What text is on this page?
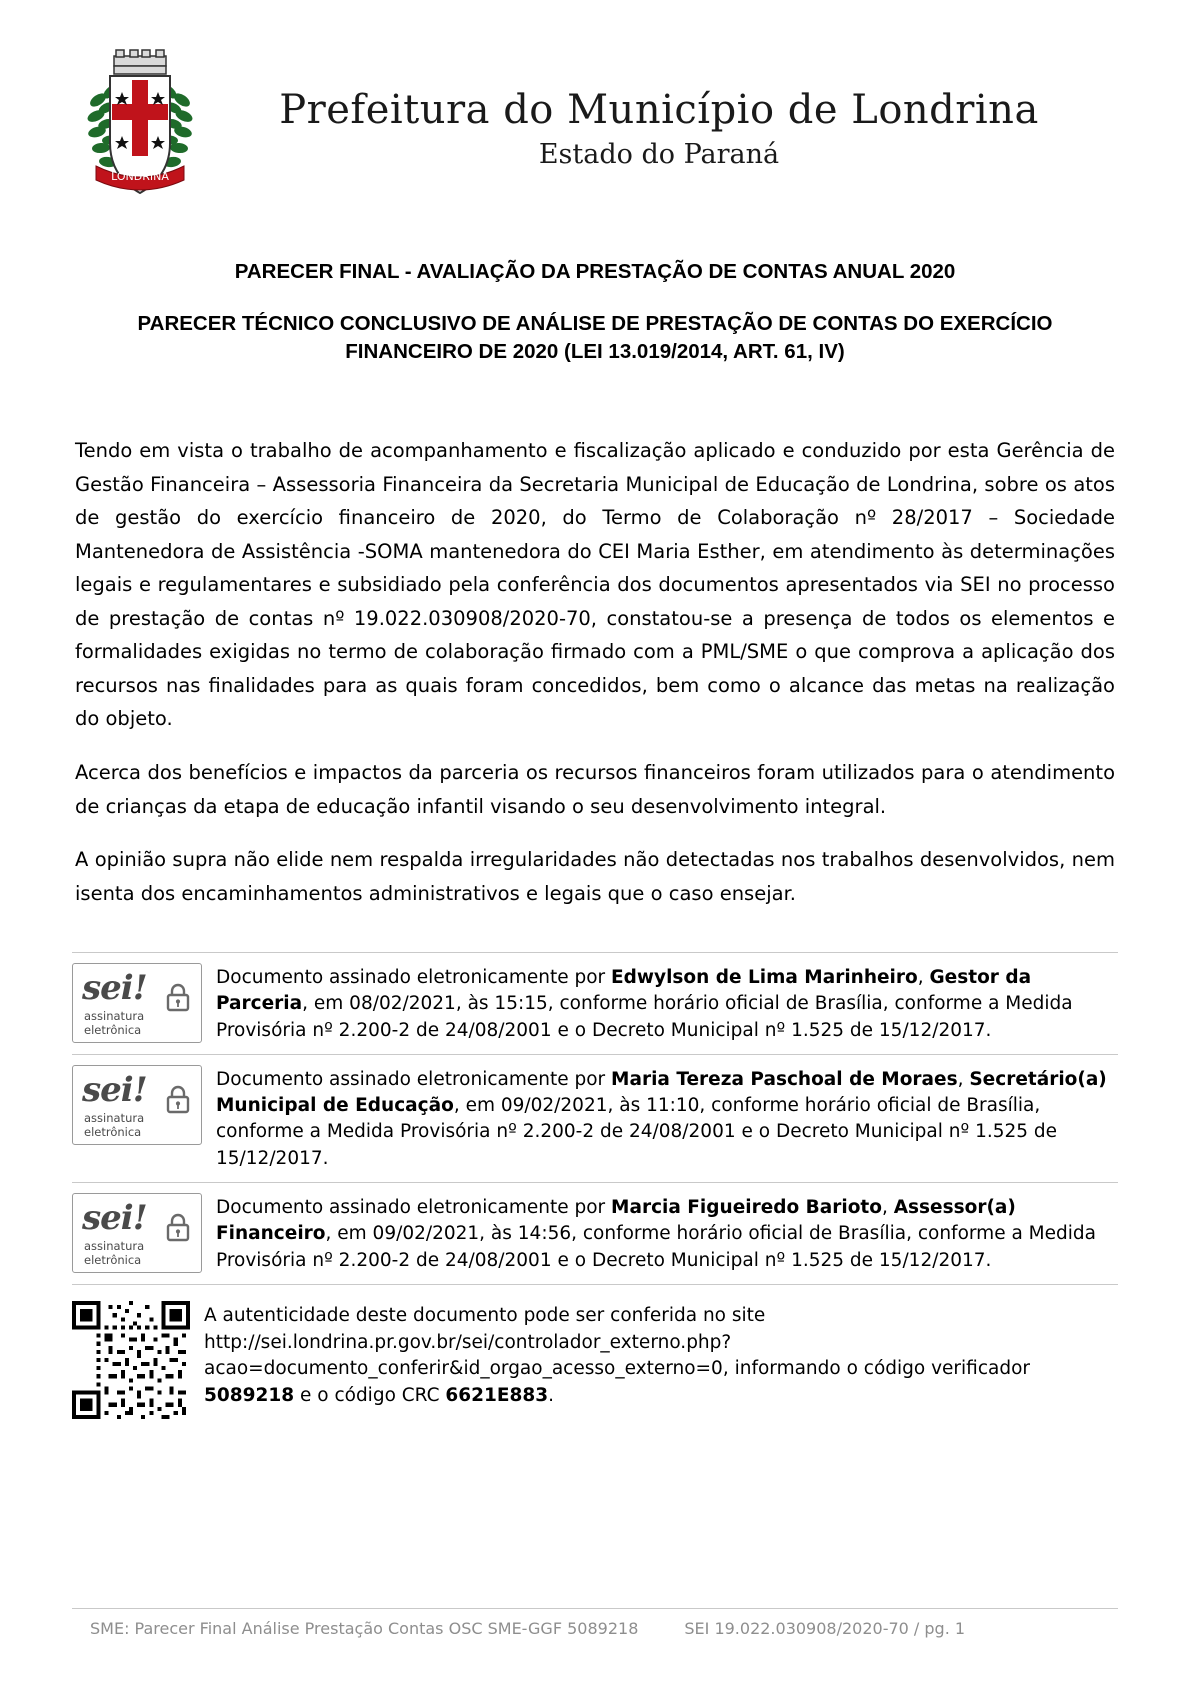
LONDRINA
Prefeitura do Município de Londrina
Estado do Paraná
PARECER FINAL - AVALIAÇÃO DA PRESTAÇÃO DE CONTAS ANUAL 2020
PARECER TÉCNICO CONCLUSIVO DE ANÁLISE DE PRESTAÇÃO DE CONTAS DO EXERCÍCIO FINANCEIRO DE 2020 (LEI 13.019/2014, ART. 61, IV)

Tendo em vista o trabalho de acompanhamento e fiscalização aplicado e conduzido por esta Gerência de Gestão Financeira – Assessoria Financeira da Secretaria Municipal de Educação de Londrina, sobre os atos de gestão do exercício financeiro de 2020, do Termo de Colaboração nº 28/2017 – Sociedade Mantenedora de Assistência -SOMA mantenedora do CEI Maria Esther, em atendimento às determinações legais e regulamentares e subsidiado pela conferência dos documentos apresentados via SEI no processo de prestação de contas nº 19.022.030908/2020-70, constatou-se a presença de todos os elementos e formalidades exigidas no termo de colaboração firmado com a PML/SME o que comprova a aplicação dos recursos nas finalidades para as quais foram concedidos, bem como o alcance das metas na realização do objeto.

Acerca dos benefícios e impactos da parceria os recursos financeiros foram utilizados para o atendimento de crianças da etapa de educação infantil visando o seu desenvolvimento integral.

A opinião supra não elide nem respalda irregularidades não detectadas nos trabalhos desenvolvidos, nem isenta dos encaminhamentos administrativos e legais que o caso ensejar.

sei!
assinatura
eletrônica
Documento assinado eletronicamente por Edwylson de Lima Marinheiro, Gestor da Parceria, em 08/02/2021, às 15:15, conforme horário oficial de Brasília, conforme a Medida Provisória nº 2.200-2 de 24/08/2001 e o Decreto Municipal nº 1.525 de 15/12/2017.
sei!
assinatura
eletrônica
Documento assinado eletronicamente por Maria Tereza Paschoal de Moraes, Secretário(a) Municipal de Educação, em 09/02/2021, às 11:10, conforme horário oficial de Brasília, conforme a Medida Provisória nº 2.200-2 de 24/08/2001 e o Decreto Municipal nº 1.525 de 15/12/2017.
sei!
assinatura
eletrônica
Documento assinado eletronicamente por Marcia Figueiredo Barioto, Assessor(a) Financeiro, em 09/02/2021, às 14:56, conforme horário oficial de Brasília, conforme a Medida Provisória nº 2.200-2 de 24/08/2001 e o Decreto Municipal nº 1.525 de 15/12/2017.
A autenticidade deste documento pode ser conferida no site
http://sei.londrina.pr.gov.br/sei/controlador_externo.php?acao=documento_conferir&id_orgao_acesso_externo=0, informando o código verificador 5089218 e o código CRC 6621E883.
SME: Parecer Final Análise Prestação Contas OSC SME-GGF 5089218	SEI 19.022.030908/2020-70 / pg. 1
